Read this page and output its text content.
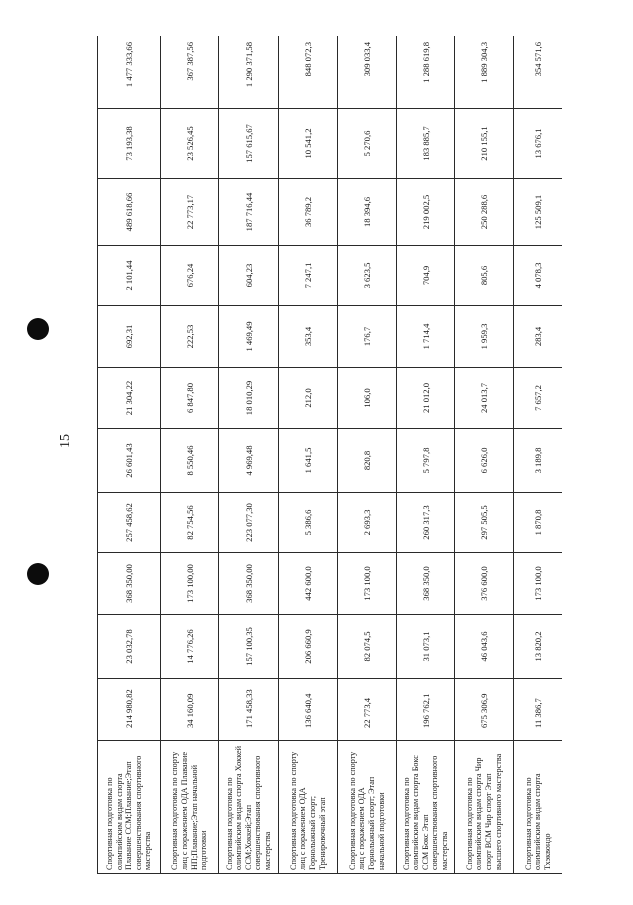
15
Спортивная подготовка по олимпийским видам спорта Плавание ССМ;Плавание;Этап совершенствования спортивного мастерства	214 980,82	23 032,78	368 350,00	257 458,62	26 601,43	21 304,22	692,31	2 101,44	489 618,66	73 193,38	1 477 333,66
Спортивная подготовка по спорту лиц с поражением ОДА Плавание НП;Плавание;Этап начальной подготовки	34 160,09	14 776,26	173 100,00	82 754,56	8 550,46	6 847,80	222,53	676,24	22 773,17	23 526,45	367 387,56
Спортивная подготовка по олимпийским видам спорта Хоккей ССМ;Хоккей;Этап совершенствования спортивного мастерства	171 458,33	157 100,35	368 350,00	223 077,30	4 969,48	18 010,29	1 469,49	604,23	187 716,44	157 615,67	1 290 371,58
Спортивная подготовка по спорту лиц с поражением ОДА Горнолыжный спорт; Тренировочный этап	136 640,4	206 660,9	442 600,0	5 386,6	1 641,5	212,0	353,4	7 247,1	36 789,2	10 541,2	848 072,3
Спортивная подготовка по спорту лиц с поражением ОДА Горнолыжный спорт; Этап начальной подготовки	22 773,4	82 074,5	173 100,0	2 693,3	820,8	106,0	176,7	3 623,5	18 394,6	5 270,6	309 033,4
Спортивная подготовка по олимпийским видам спорта Бокс ССМ Бокс Этап совершенствования спортивного мастерства	196 762,1	31 073,1	368 350,0	260 317,3	5 797,8	21 012,0	1 714,4	704,9	219 002,5	183 885,7	1 288 619,8
Спортивная подготовка по олимпийским видам спорта Чир спорт ВСМ Чир спорт Этап высшего спортивного мастерства	675 306,9	46 043,6	376 600,0	297 505,5	6 626,0	24 013,7	1 959,3	805,6	250 288,6	210 155,1	1 889 304,3
Спортивная подготовка по олимпийским видам спорта Тхэквондо	11 386,7	13 820,2	173 100,0	1 870,8	3 189,8	7 657,2	283,4	4 078,3	125 509,1	13 676,1	354 571,6
